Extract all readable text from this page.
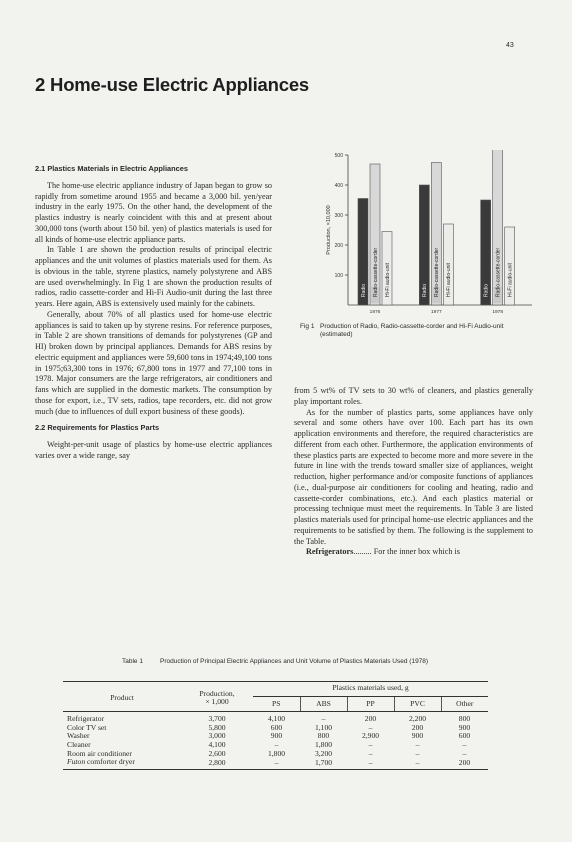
43
2 Home-use Electric Appliances
2.1 Plastics Materials in Electric Appliances

The home-use electric appliance industry of Japan began to grow so rapidly from sometime around 1955 and became a 3,000 bil. yen/year industry in the early 1975. On the other hand, the development of the plastics industry is nearly coincident with this and at present about 300,000 tons (worth about 150 bil. yen) of plastics materials is used for all kinds of home-use electric appliance parts.

In Table 1 are shown the production results of principal electric appliances and the unit volumes of plastics materials used for them. As is obvious in the table, styrene plastics, namely polystyrene and ABS are used overwhelmingly. In Fig 1 are shown the production results of radios, radio cassette-corder and Hi-Fi Audio-unit during the last three years. Here again, ABS is extensively used mainly for the cabinets.

Generally, about 70% of all plastics used for home-use electric appliances is said to taken up by styrene resins. For reference purposes, in Table 2 are shown transitions of demands for polystyrenes (GP and HI) broken down by principal appliances. Demands for ABS resins by electric equipment and appliances were 59,600 tons in 1974;49,100 tons in 1975;63,300 tons in 1976; 67,800 tons in 1977 and 77,100 tons in 1978. Major consumers are the large refrigerators, air conditioners and fans which are supplied in the domestic markets. The consumption by those for export, i.e., TV sets, radios, tape recorders, etc. did not grow much (due to influences of dull export business of these goods).

2.2 Requirements for Plastics Parts

Weight-per-unit usage of plastics by home-use electric appliances varies over a wide range, say

100
200
300
400
500
Production, ×10,000
Radio Radio-cassette-corder Hi-Fi audio-unit
1976
Radio Radio-cassette-corder Hi-Fi audio-unit
1977
Radio Radio-cassette-corder Hi-Fi audio-unit
1978
Fig 1 Production of Radio, Radio-cassette-corder and Hi-Fi Audio-unit (estimated)

from 5 wt% of TV sets to 30 wt% of cleaners, and plastics generally play important roles.

As for the number of plastics parts, some appliances have only several and some others have over 100. Each part has its own application environments and therefore, the required characteristics are different from each other. Furthermore, the application environments of these plastics parts are expected to become more and more severe in the future in line with the trends toward smaller size of appliances, weight reduction, higher performance and/or composite functions of appliances (i.e., dual-purpose air conditioners for cooling and heating, radio and cassette-corder combinations, etc.). And each plastics material or processing technique must meet the requirements. In Table 3 are listed plastics materials used for principal home-use electric appliances and the requirements to be satisfied by them. The following is the supplement to the Table.

Refrigerators......... For the inner box which is

Table 1	Production of Principal Electric Appliances and Unit Volume of Plastics Materials Used (1978)
Product	Production,
× 1,000	Plastics materials used, g				
		PS	ABS	PP	PVC	Other
Refrigerator	3,700	4,100	–	200	2,200	800
Color TV set	5,800	600	1,100	–	200	900
Washer	3,000	900	800	2,900	900	600
Cleaner	4,100	–	1,800	–	–	–
Room air conditioner	2,600	1,800	3,200	–	–	–
Futon comforter dryer	2,800	–	1,700	–	–	200
